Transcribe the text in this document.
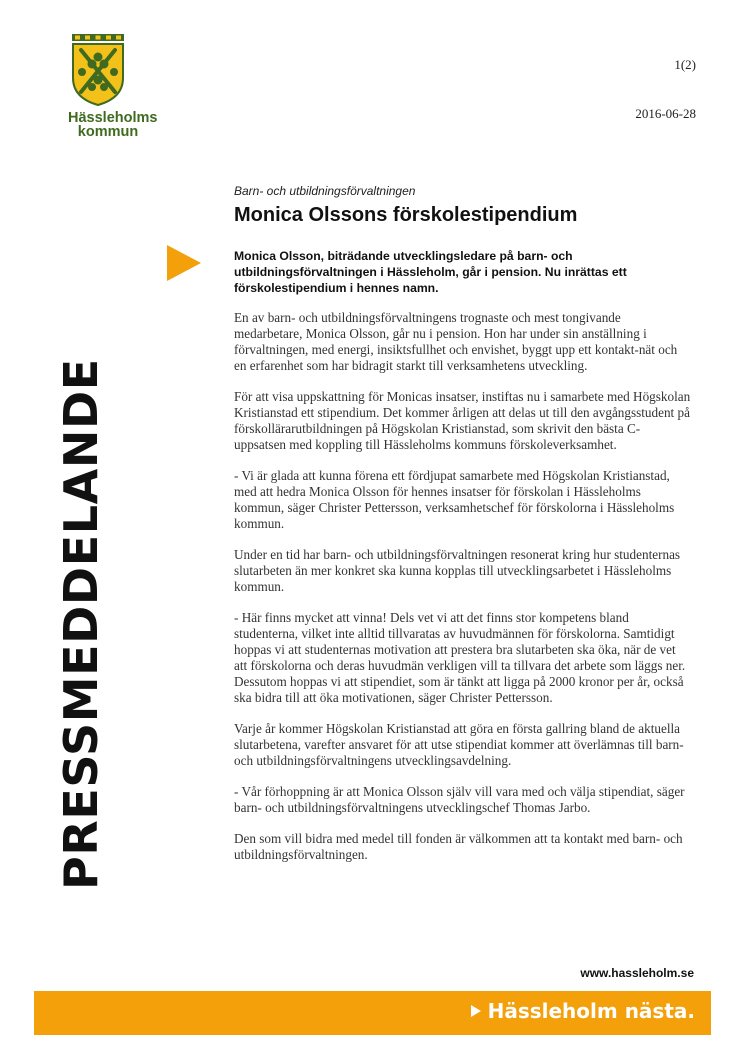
Hässleholms
kommun
1(2)
2016-06-28
PRESSMEDDELANDE
Barn- och utbildningsförvaltningen
Monica Olssons förskolestipendium

Monica Olsson, biträdande utvecklingsledare på barn- och utbildningsförvaltningen i Hässleholm, går i pension. Nu inrättas ett förskolestipendium i hennes namn.

En av barn- och utbildningsförvaltningens trognaste och mest tongivande medarbetare, Monica Olsson, går nu i pension. Hon har under sin anställning i förvaltningen, med energi, insiktsfullhet och envishet, byggt upp ett kontakt-nät och en erfarenhet som har bidragit starkt till verksamhetens utveckling.

För att visa uppskattning för Monicas insatser, instiftas nu i samarbete med Högskolan Kristianstad ett stipendium. Det kommer årligen att delas ut till den avgångsstudent på förskollärarutbildningen på Högskolan Kristianstad, som skrivit den bästa C-uppsatsen med koppling till Hässleholms kommuns förskoleverksamhet.

- Vi är glada att kunna förena ett fördjupat samarbete med Högskolan Kristianstad, med att hedra Monica Olsson för hennes insatser för förskolan i Hässleholms kommun, säger Christer Pettersson, verksamhetschef för förskolorna i Hässleholms kommun.

Under en tid har barn- och utbildningsförvaltningen resonerat kring hur studenternas slutarbeten än mer konkret ska kunna kopplas till utvecklingsarbetet i Hässleholms kommun.

- Här finns mycket att vinna! Dels vet vi att det finns stor kompetens bland studenterna, vilket inte alltid tillvaratas av huvudmännen för förskolorna. Samtidigt hoppas vi att studenternas motivation att prestera bra slutarbeten ska öka, när de vet att förskolorna och deras huvudmän verkligen vill ta tillvara det arbete som läggs ner. Dessutom hoppas vi att stipendiet, som är tänkt att ligga på 2000 kronor per år, också ska bidra till att öka motivationen, säger Christer Pettersson.

Varje år kommer Högskolan Kristianstad att göra en första gallring bland de aktuella slutarbetena, varefter ansvaret för att utse stipendiat kommer att överlämnas till barn- och utbildningsförvaltningens utvecklingsavdelning.

- Vår förhoppning är att Monica Olsson själv vill vara med och välja stipendiat, säger barn- och utbildningsförvaltningens utvecklingschef Thomas Jarbo.

Den som vill bidra med medel till fonden är välkommen att ta kontakt med barn- och utbildningsförvaltningen.

www.hassleholm.se
Hässleholm nästa.
